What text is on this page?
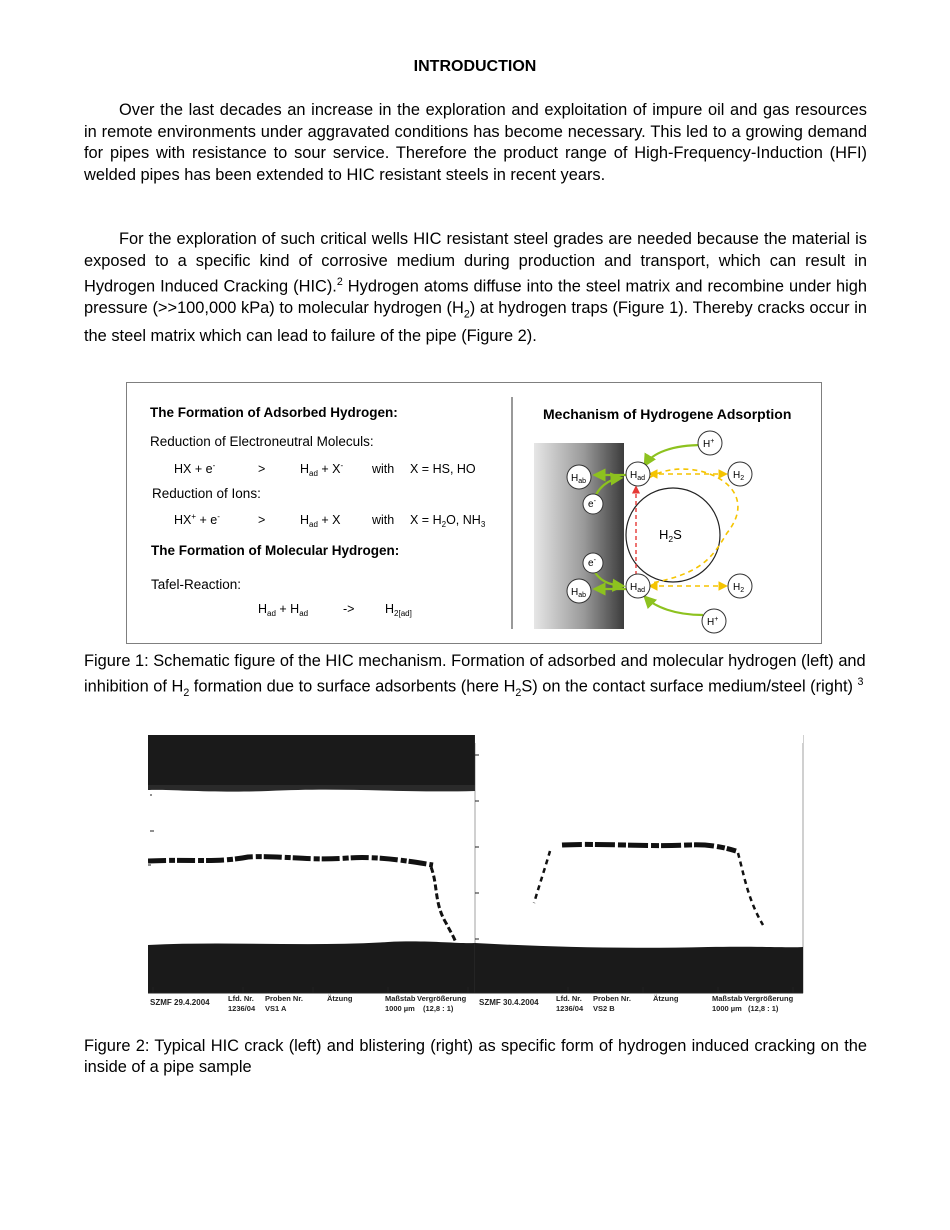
INTRODUCTION

Over the last decades an increase in the exploration and exploitation of impure oil and gas resources in remote environments under aggravated conditions has become necessary. This led to a growing demand for pipes with resistance to sour service. Therefore the product range of High-Frequency-Induction (HFI) welded pipes has been extended to HIC resistant steels in recent years.

For the exploration of such critical wells HIC resistant steel grades are needed because the material is exposed to a specific kind of corrosive medium during production and transport, which can result in Hydrogen Induced Cracking (HIC).$^2$ Hydrogen atoms diffuse into the steel matrix and recombine under high pressure (>>100,000 kPa) to molecular hydrogen $(H_2)$ at hydrogen traps (Figure 1). Thereby cracks occur in the steel matrix which can lead to failure of the pipe (Figure 2).

The Formation of Adsorbed Hydrogen:
Reduction of Electroneutral Moleculs:
HX + e-	>	$H_{ad} + X^-$ with X = HS, HO
Reduction of Ions:
HX+ + e-	>	$H_{ad} + X$	with $X = H_2O$, $NH_3$
The Formation of Molecular Hydrogen:
Tafel-Reaction:
$H_{ad} + H_{ad}$	-> $H_{2[ad]}$
Mechanism of Hydrogene Adsorption
$H_2S$
H+
$H_{ab}$
$H_{ad}$	$H_2$
e-
e-
$H_{ab}$
$H_{ad}$	$H_2$
H+

Figure 1: Schematic figure of the HIC mechanism. Formation of adsorbed and molecular hydrogen (left) and inhibition of $H_2$ formation due to surface adsorbents (here $H_2S$) on the contact surface medium/steel (right) $^3$

SZMF 29.4.2004 Lfd. Nr.
1236/04
Proben Nr.
VS1 A
Ätzung	Maßstab
1000 µm
Vergrößerung
(12,8 : 1)
SZMF 30.4.2004 Lfd. Nr.
1236/04
Proben Nr.
VS2 B
Ätzung	Maßstab
1000 µm
Vergrößerung
(12,8 : 1)

Figure 2: Typical HIC crack (left) and blistering (right) as specific form of hydrogen induced cracking on the inside of a pipe sample
